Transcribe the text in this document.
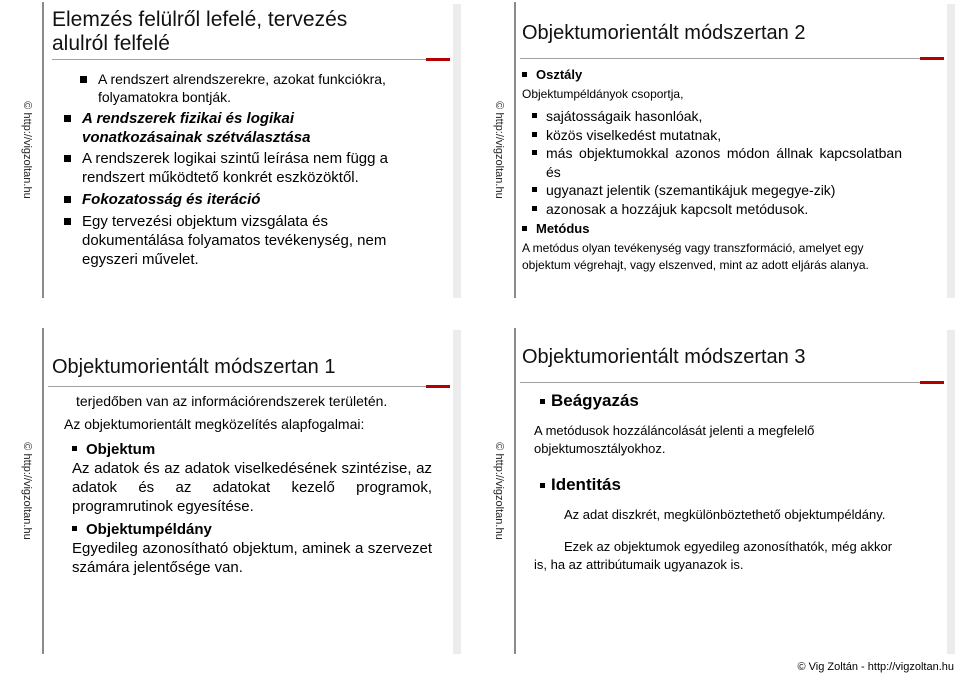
© http://vigzoltan.hu
Elemzés felülről lefelé, tervezés alulról felfelé
A rendszert alrendszerekre, azokat funkciókra, folyamatokra bontják.
A rendszerek fizikai és logikai vonatkozásainak szétválasztása
A rendszerek logikai szintű leírása nem függ a rendszert működtető konkrét eszközöktől.
Fokozatosság és iteráció
Egy tervezési objektum vizsgálata és dokumentálása folyamatos tevékenység, nem egyszeri művelet.
© http://vigzoltan.hu
Objektumorientált módszertan 2
Osztály
Objektumpéldányok csoportja,
sajátosságaik hasonlóak,
közös viselkedést mutatnak,
más objektumokkal azonos módon állnak kapcsolatban és
ugyanazt jelentik (szemantikájuk megegye-zik)
azonosak a hozzájuk kapcsolt metódusok.
Metódus
A metódus olyan tevékenység vagy transzformáció, amelyet egy objektum végrehajt, vagy elszenved, mint az adott eljárás alanya.
© http://vigzoltan.hu
Objektumorientált módszertan 1
terjedőben van az információrendszerek területén.
Az objektumorientált megközelítés alapfogalmai:
Objektum
Az adatok és az adatok viselkedésének szintézise, az adatok és az adatokat kezelő programok, programrutinok egyesítése.
Objektumpéldány
Egyedileg azonosítható objektum, aminek a szervezet számára jelentősége van.
© http://vigzoltan.hu
Objektumorientált módszertan 3
Beágyazás
A metódusok hozzáláncolását jelenti a megfelelő objektumosztályokhoz.
Identitás
Az adat diszkrét, megkülönböztethető objektumpéldány.
Ezek az objektumok egyedileg azonosíthatók, még akkor is, ha az attribútumaik ugyanazok is.
© Vig Zoltán - http://vigzoltan.hu
